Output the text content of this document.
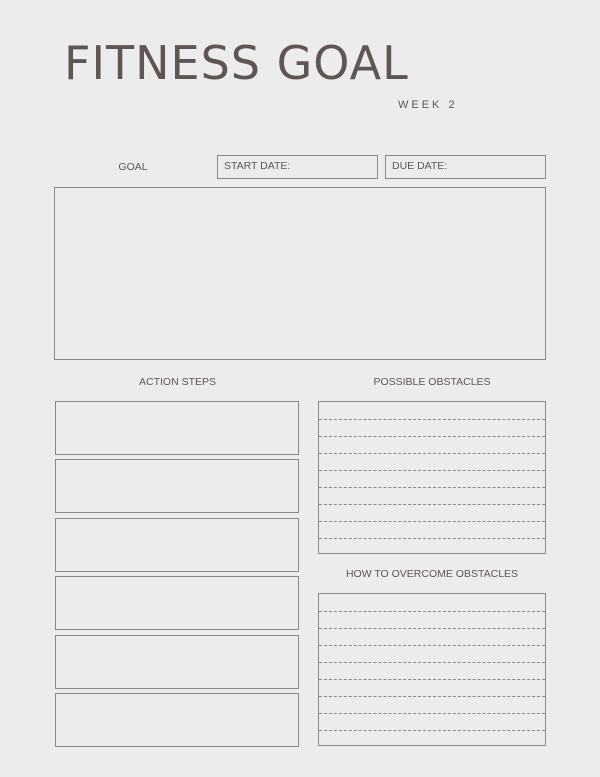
FITNESS GOAL
WEEK 2
GOAL	START DATE:	DUE DATE:
ACTION STEPS	POSSIBLE OBSTACLES
HOW TO OVERCOME OBSTACLES
